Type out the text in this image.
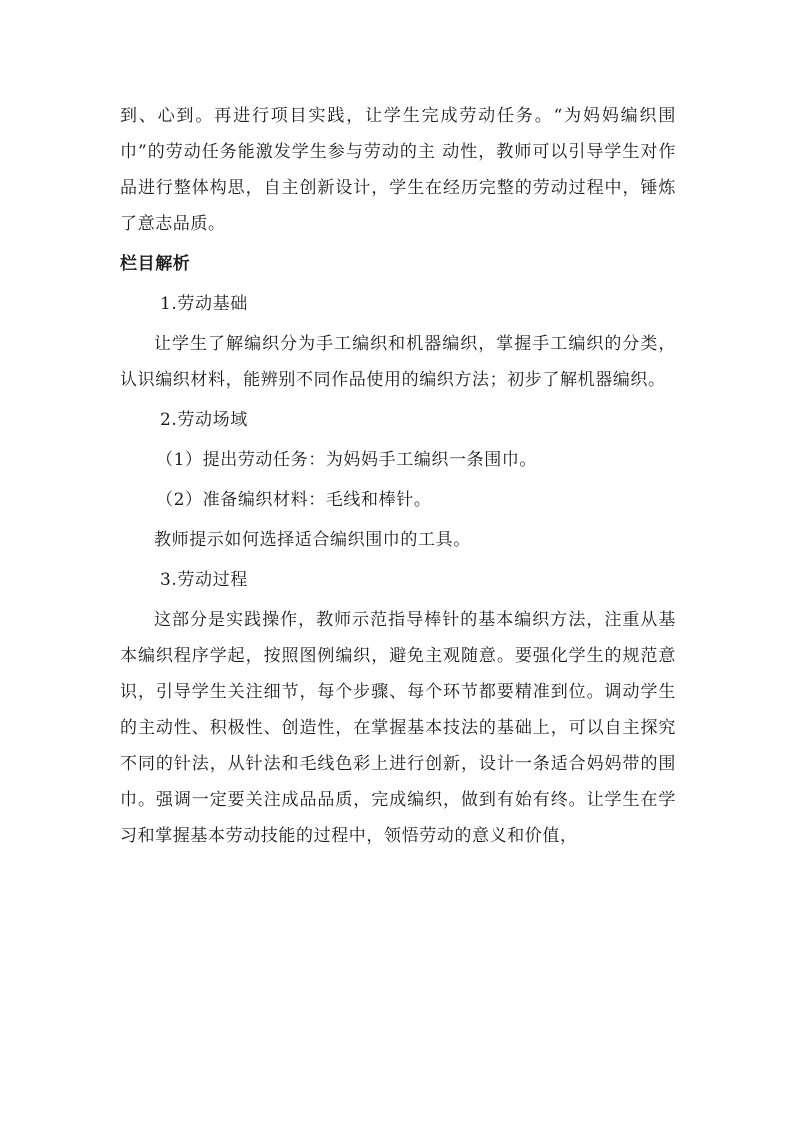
到、心到。再进行项目实践，让学生完成劳动任务。“为妈妈编织围巾”的劳动任务能激发学生参与劳动的主 动性，教师可以引导学生对作品进行整体构思，自主创新设计，学生在经历完整的劳动过程中，锤炼了意志品质。

栏目解析

1.劳动基础

让学生了解编织分为手工编织和机器编织，掌握手工编织的分类，认识编织材料，能辨别不同作品使用的编织方法；初步了解机器编织。

2.劳动场域

（1）提出劳动任务：为妈妈手工编织一条围巾。

（2）准备编织材料：毛线和棒针。

教师提示如何选择适合编织围巾的工具。

3.劳动过程

这部分是实践操作，教师示范指导棒针的基本编织方法，注重从基本编织程序学起，按照图例编织，避免主观随意。要强化学生的规范意识，引导学生关注细节，每个步骤、每个环节都要精准到位。调动学生的主动性、积极性、创造性，在掌握基本技法的基础上，可以自主探究不同的针法，从针法和毛线色彩上进行创新，设计一条适合妈妈带的围巾。强调一定要关注成品品质，完成编织，做到有始有终。让学生在学习和掌握基本劳动技能的过程中，领悟劳动的意义和价值，
